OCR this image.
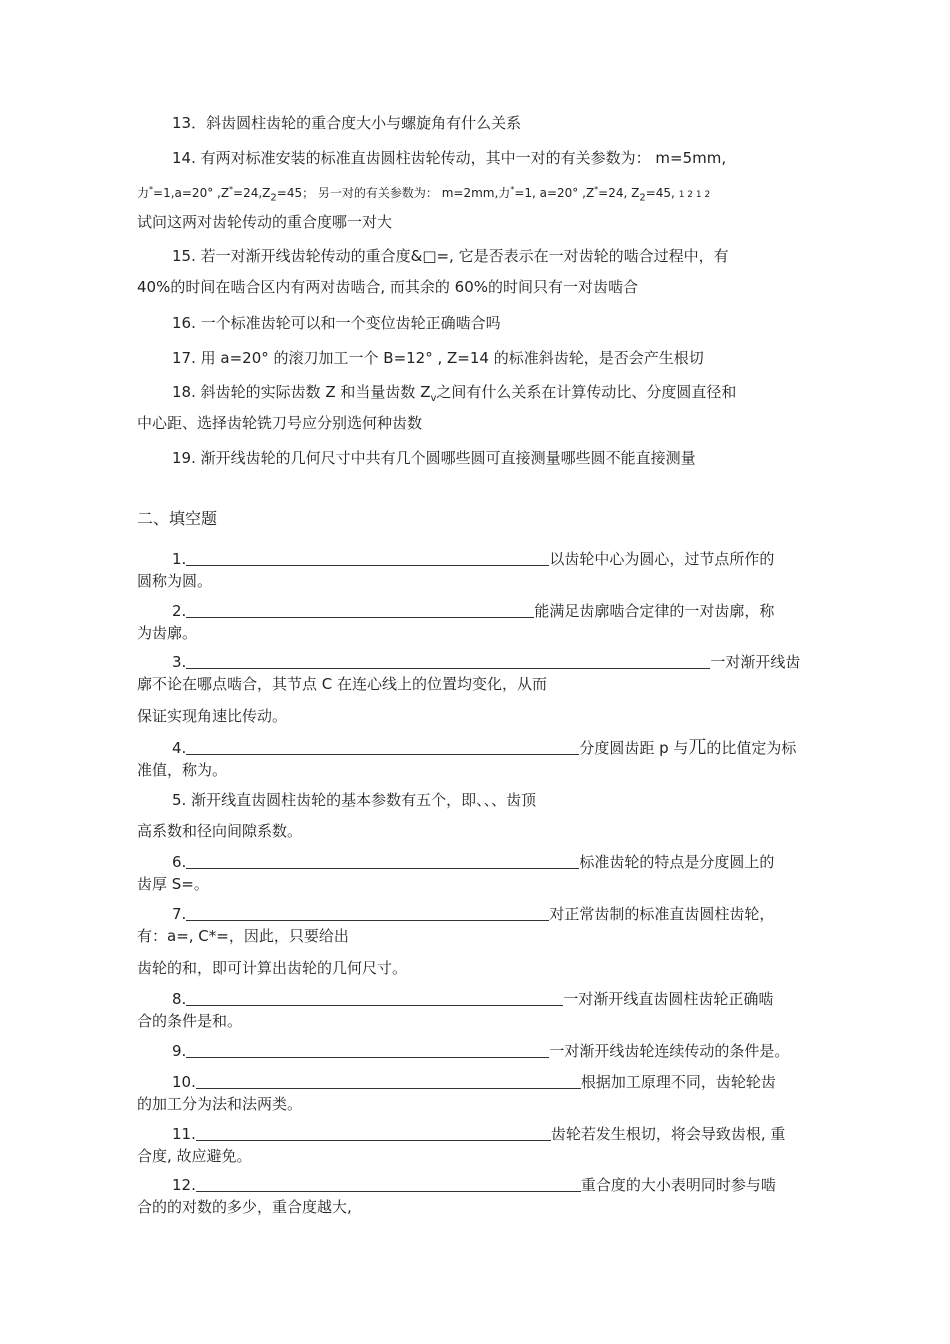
13．斜齿圆柱齿轮的重合度大小与螺旋角有什么关系
14. 有两对标准安装的标准直齿圆柱齿轮传动，其中一对的有关参数为： m=5mm,
力*=1,a=20° $,Z^*=24,Z_2=45$； 另一对的有关参数为： m=2mm,力*=1, a=20° ,Z*=24, $Z_2=45$, 1 2 1 2
试问这两对齿轮传动的重合度哪一对大
15. 若一对渐开线齿轮传动的重合度&□=, 它是否表示在一对齿轮的啮合过程中，有
40%的时间在啮合区内有两对齿啮合, 而其余的 60%的时间只有一对齿啮合
16. 一个标准齿轮可以和一个变位齿轮正确啮合吗
17. 用 a=20° 的滚刀加工一个 B=12° , Z=14 的标准斜齿轮，是否会产生根切
18. 斜齿轮的实际齿数 Z 和当量齿数 $Z_v$之间有什么关系在计算传动比、分度圆直径和
中心距、选择齿轮铣刀号应分别选何种齿数
19. 渐开线齿轮的几何尺寸中共有几个圆哪些圆可直接测量哪些圆不能直接测量
二、填空题
1.	以齿轮中心为圆心，过节点所作的
圆称为圆。
2.	能满足齿廓啮合定律的一对齿廓，称
为齿廓。
3.	一对渐开线齿
廓不论在哪点啮合，其节点 C 在连心线上的位置均变化，从而
保证实现角速比传动。
4.	分度圆齿距 p 与兀的比值定为标
准值，称为。
5. 渐开线直齿圆柱齿轮的基本参数有五个，即、、、齿顶
高系数和径向间隙系数。
6.	标准齿轮的特点是分度圆上的
齿厚 S=。
7.	对正常齿制的标准直齿圆柱齿轮，
有：a=, C*=，因此，只要给出
齿轮的和，即可计算出齿轮的几何尺寸。
8.	一对渐开线直齿圆柱齿轮正确啮
合的条件是和。
9.	一对渐开线齿轮连续传动的条件是。
10.	根据加工原理不同，齿轮轮齿
的加工分为法和法两类。
11.	齿轮若发生根切，将会导致齿根, 重
合度, 故应避免。
12.	重合度的大小表明同时参与啮
合的的对数的多少，重合度越大,
